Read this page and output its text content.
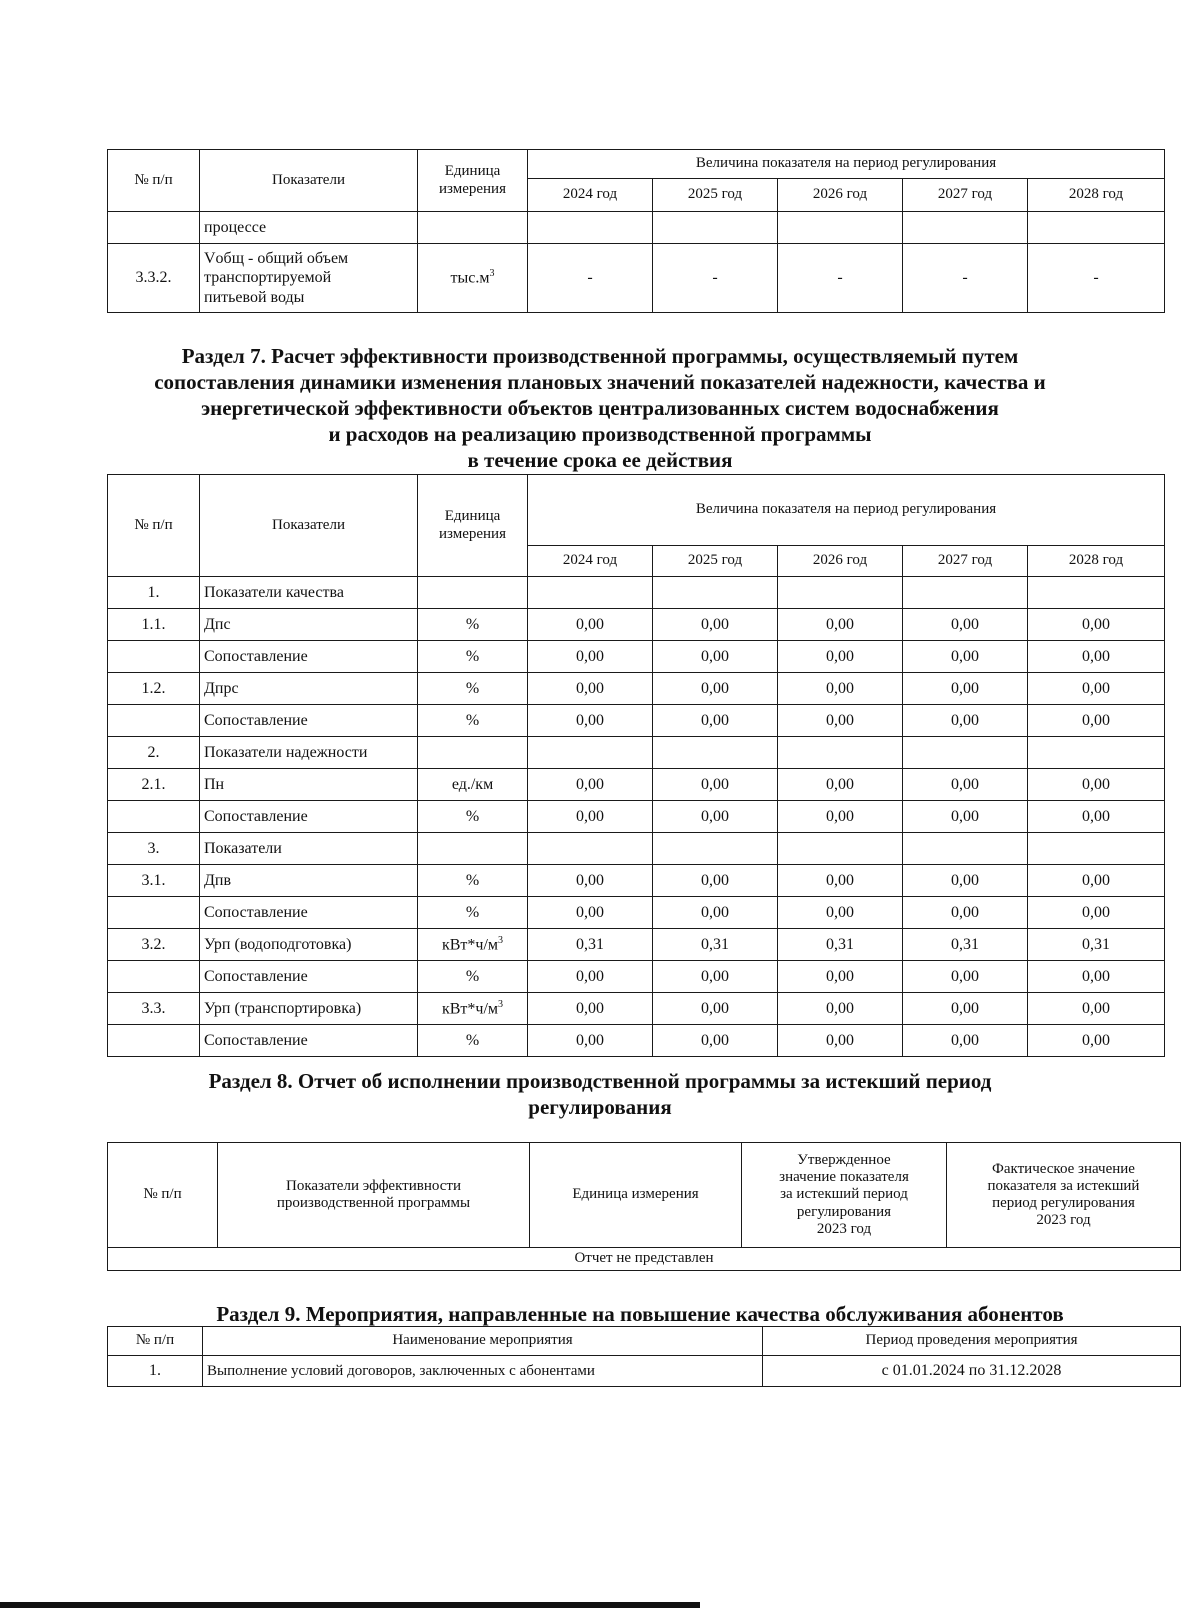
№ п/п	Показатели	Единица
измерения	Величина показателя на период регулирования				
			2024 год	2025 год	2026 год	2027 год	2028 год
	процессе						
3.3.2.	Vобщ - общий объем
транспортируемой
питьевой воды	$тыс.м^3$	-	-	-	-	-
Раздел 7. Расчет эффективности производственной программы, осуществляемый путем
сопоставления динамики изменения плановых значений показателей надежности, качества и
энергетической эффективности объектов централизованных систем водоснабжения
и расходов на реализацию производственной программы
в течение срока ее действия
№ п/п	Показатели	Единица
измерения	Величина показателя на период регулирования				
			2024 год	2025 год	2026 год	2027 год	2028 год
1.	Показатели качества						
1.1.	Дпс	%	0,00	0,00	0,00	0,00	0,00
	Сопоставление	%	0,00	0,00	0,00	0,00	0,00
1.2.	Дпрс	%	0,00	0,00	0,00	0,00	0,00
	Сопоставление	%	0,00	0,00	0,00	0,00	0,00
2.	Показатели надежности						
2.1.	Пн	ед./км	0,00	0,00	0,00	0,00	0,00
	Сопоставление	%	0,00	0,00	0,00	0,00	0,00
3.	Показатели						
3.1.	Дпв	%	0,00	0,00	0,00	0,00	0,00
	Сопоставление	%	0,00	0,00	0,00	0,00	0,00
3.2.	Урп (водоподготовка)	$кВт*ч/м^3$	0,31	0,31	0,31	0,31	0,31
	Сопоставление	%	0,00	0,00	0,00	0,00	0,00
3.3.	Урп (транспортировка)	$кВт*ч/м^3$	0,00	0,00	0,00	0,00	0,00
	Сопоставление	%	0,00	0,00	0,00	0,00	0,00
Раздел 8. Отчет об исполнении производственной программы за истекший период
регулирования
№ п/п	Показатели эффективности
производственной программы	Единица измерения	Утвержденное
значение показателя
за истекший период
регулирования
2023 год	Фактическое значение
показателя за истекший
период регулирования
2023 год
Отчет не представлен
Раздел 9. Мероприятия, направленные на повышение качества обслуживания абонентов
№ п/п	Наименование мероприятия	Период проведения мероприятия
1.	Выполнение условий договоров, заключенных с абонентами	с 01.01.2024 по 31.12.2028
